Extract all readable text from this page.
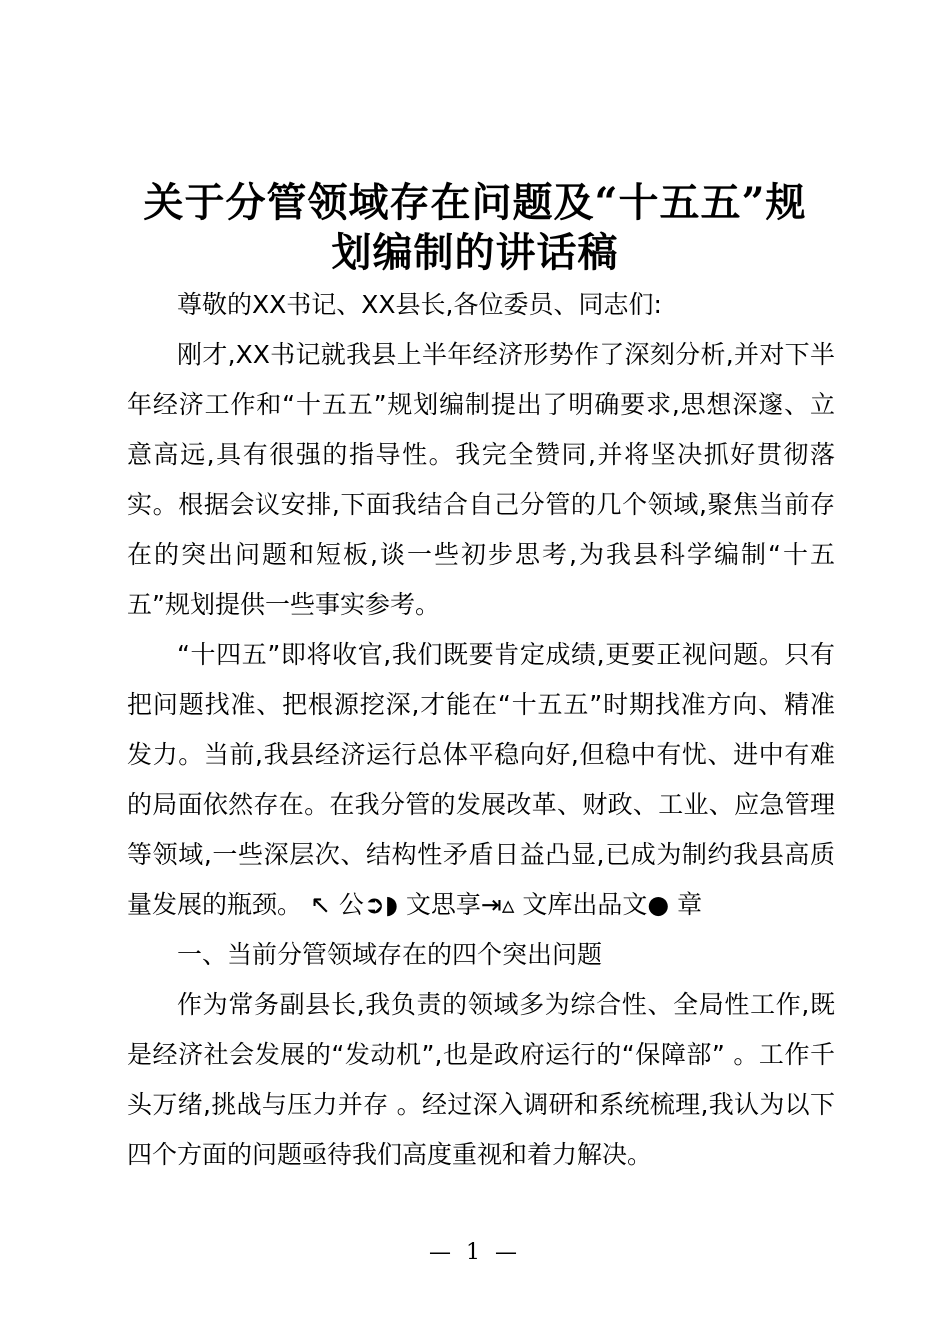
关于分管领域存在问题及“十五五”规
划编制的讲话稿

尊敬的XX书记、XX县长,各位委员、同志们:

刚才,XX书记就我县上半年经济形势作了深刻分析,并对下半年经济工作和“十五五”规划编制提出了明确要求,思想深邃、立意高远,具有很强的指导性。我完全赞同,并将坚决抓好贯彻落实。根据会议安排,下面我结合自己分管的几个领域,聚焦当前存在的突出问题和短板,谈一些初步思考,为我县科学编制“十五五”规划提供一些事实参考。

“十四五”即将收官,我们既要肯定成绩,更要正视问题。只有把问题找准、把根源挖深,才能在“十五五”时期找准方向、精准发力。当前,我县经济运行总体平稳向好,但稳中有忧、进中有难的局面依然存在。在我分管的发展改革、财政、工业、应急管理等领域,一些深层次、结构性矛盾日益凸显,已成为制约我县高质量发展的瓶颈。 ↖ 公➲◗ 文思享⇥▵ 文库出品文● 章

一、当前分管领域存在的四个突出问题

作为常务副县长,我负责的领域多为综合性、全局性工作,既是经济社会发展的“发动机”,也是政府运行的“保障部” 。工作千头万绪,挑战与压力并存 。经过深入调研和系统梳理,我认为以下四个方面的问题亟待我们高度重视和着力解决。

— 1 —
